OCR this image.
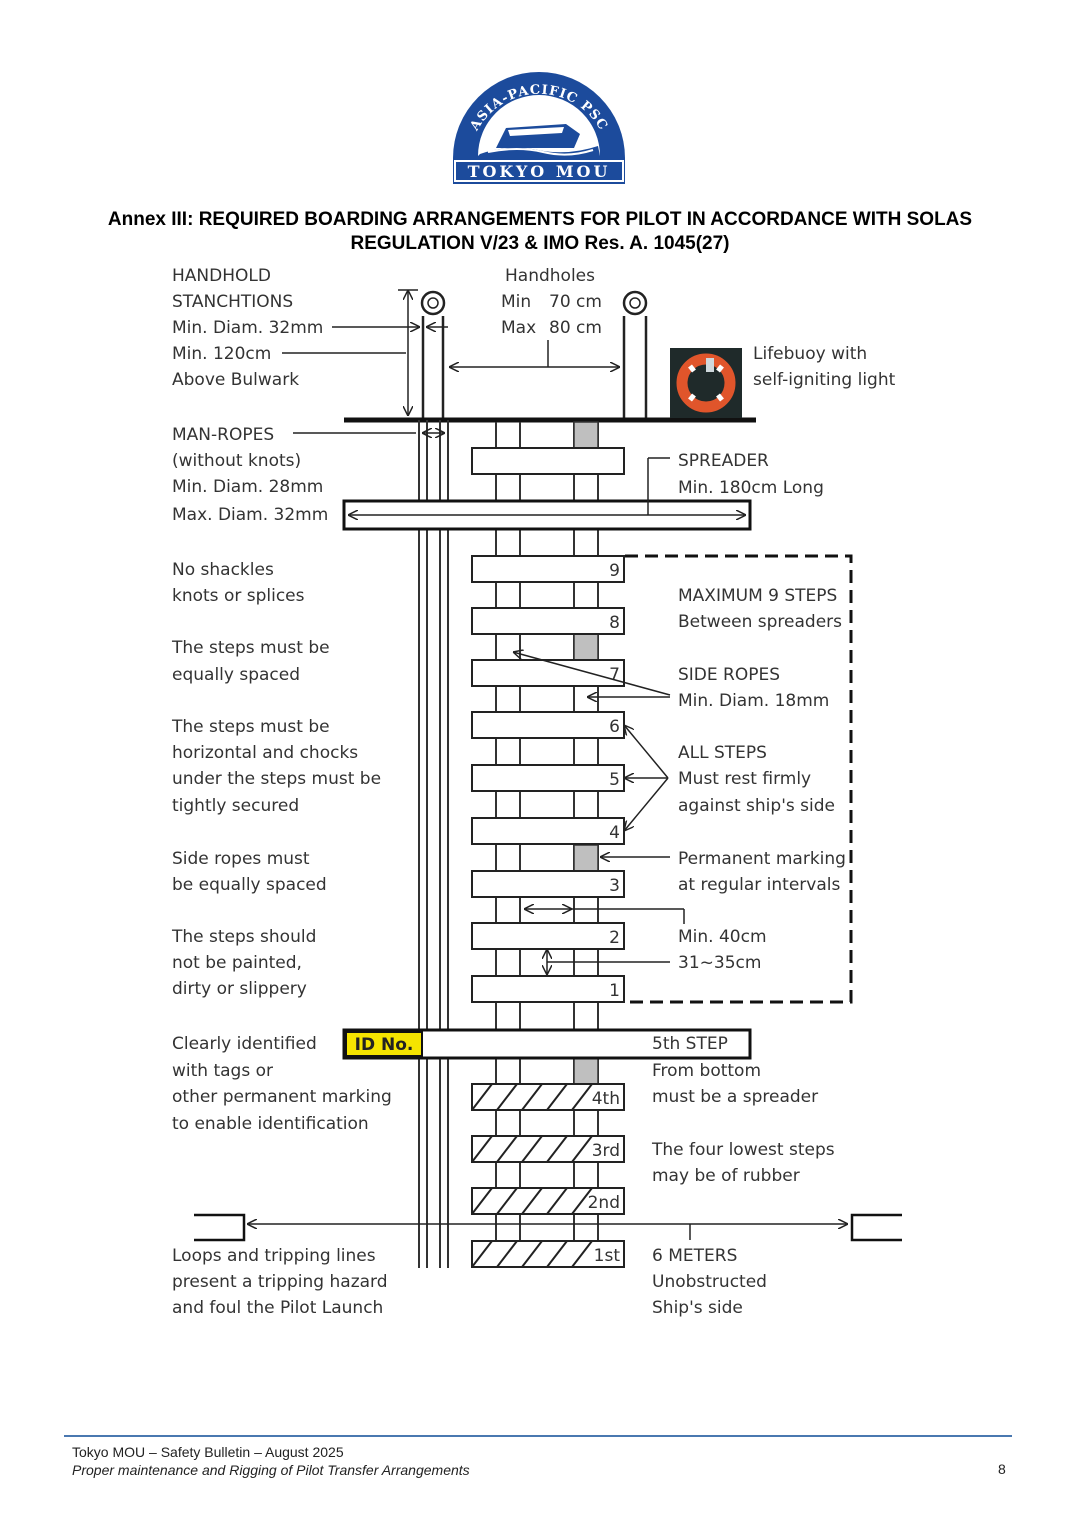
ASIA-PACIFIC PSC
TOKYO MOU
Annex III: REQUIRED BOARDING ARRANGEMENTS FOR PILOT IN ACCORDANCE WITH SOLAS
REGULATION V/23 & IMO Res. A. 1045(27)
9
8
7
6
5
4
3
2
1
ID No.
4th
3rd
2nd
1st
HANDHOLD STANCHTIONS Min. Diam. 32mm Min. 120cm Above Bulwark
MAN-ROPES (without knots) Min. Diam. 28mm Max. Diam. 32mm
No shackles knots or splices
The steps must be equally spaced
The steps must be horizontal and chocks under the steps must be tightly secured
Side ropes must be equally spaced
The steps should not be painted, dirty or slippery
Clearly identified with tags or other permanent marking to enable identification
Loops and tripping lines present a tripping hazard and foul the Pilot Launch
Handholes Min 70 cm Max 80 cm
Lifebuoy with self-igniting light
SPREADER Min. 180cm Long
MAXIMUM 9 STEPS Between spreaders
SIDE ROPES Min. Diam. 18mm
ALL STEPS Must rest firmly against ship's side
Permanent marking at regular intervals
Min. 40cm
31~35cm
5th STEP From bottom must be a spreader
The four lowest steps may be of rubber
6 METERS Unobstructed Ship's side
Tokyo MOU – Safety Bulletin – August 2025
Proper maintenance and Rigging of Pilot Transfer Arrangements	8
